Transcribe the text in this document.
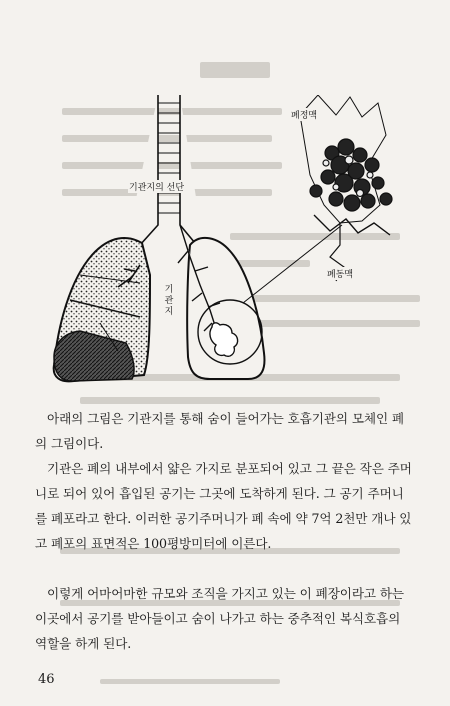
기관지의 선단
폐정맥
폐동맥
기
관
지
아래의 그림은 기관지를 통해 숨이 들어가는 호흡기관의 모체인 폐의 그림이다.
기관은 폐의 내부에서 얇은 가지로 분포되어 있고 그 끝은 작은 주머니로 되어 있어 흡입된 공기는 그곳에 도착하게 된다. 그 공기 주머니를 폐포라고 한다. 이러한 공기주머니가 폐 속에 약 7억 2천만 개나 있고 폐포의 표면적은 100평방미터에 이른다.
이렇게 어마어마한 규모와 조직을 가지고 있는 이 폐장이라고 하는 이곳에서 공기를 받아들이고 숨이 나가고 하는 중추적인 복식호흡의 역할을 하게 된다.
46
